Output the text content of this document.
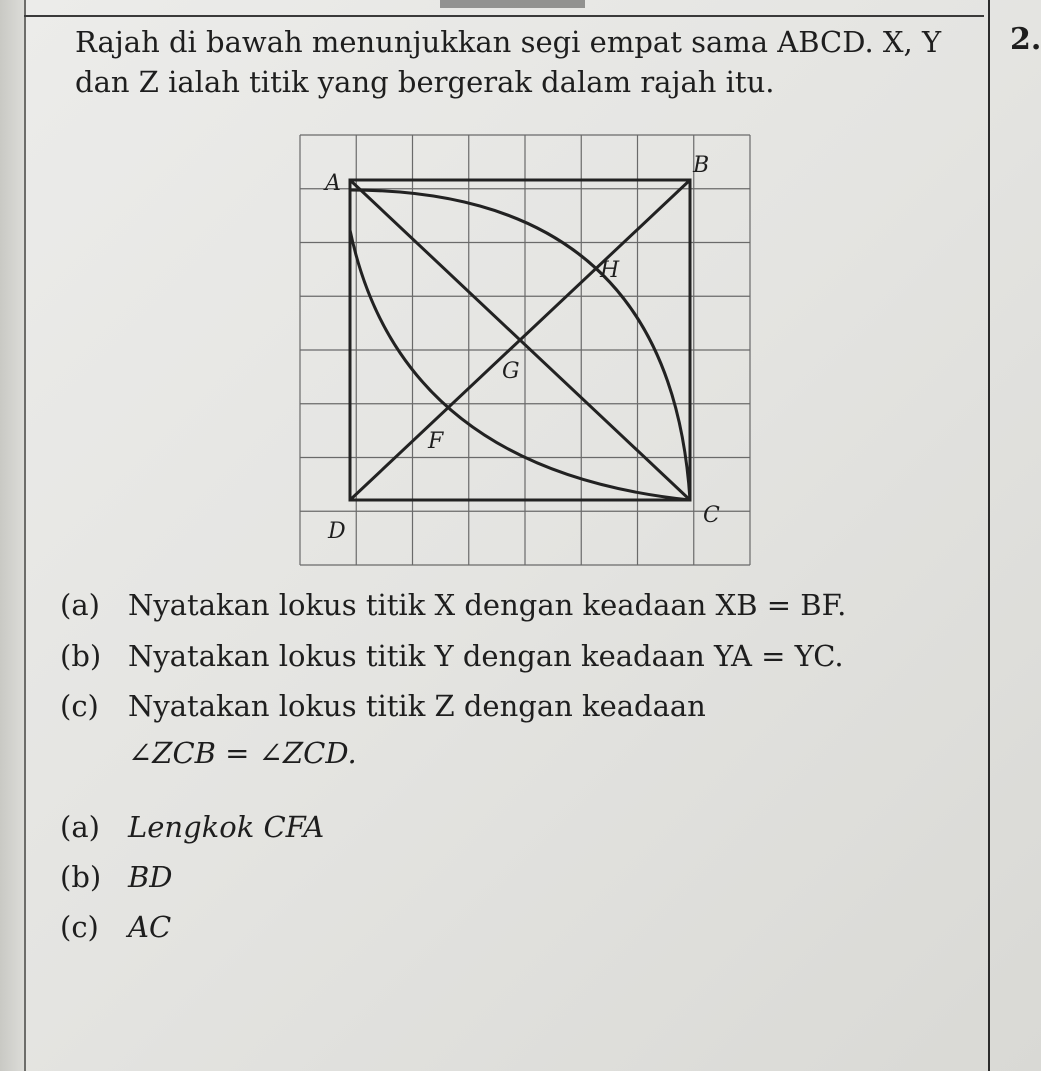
2.
Rajah di bawah menunjukkan segi empat sama ABCD. X, Y dan Z ialah titik yang bergerak dalam rajah itu.
A
B
C
D
F
G
H
(a) Nyatakan lokus titik X dengan keadaan XB = BF.
(b) Nyatakan lokus titik Y dengan keadaan YA = YC.
(c) Nyatakan lokus titik Z dengan keadaan
∠ZCB = ∠ZCD.
(a) Lengkok CFA
(b) BD
(c) AC
